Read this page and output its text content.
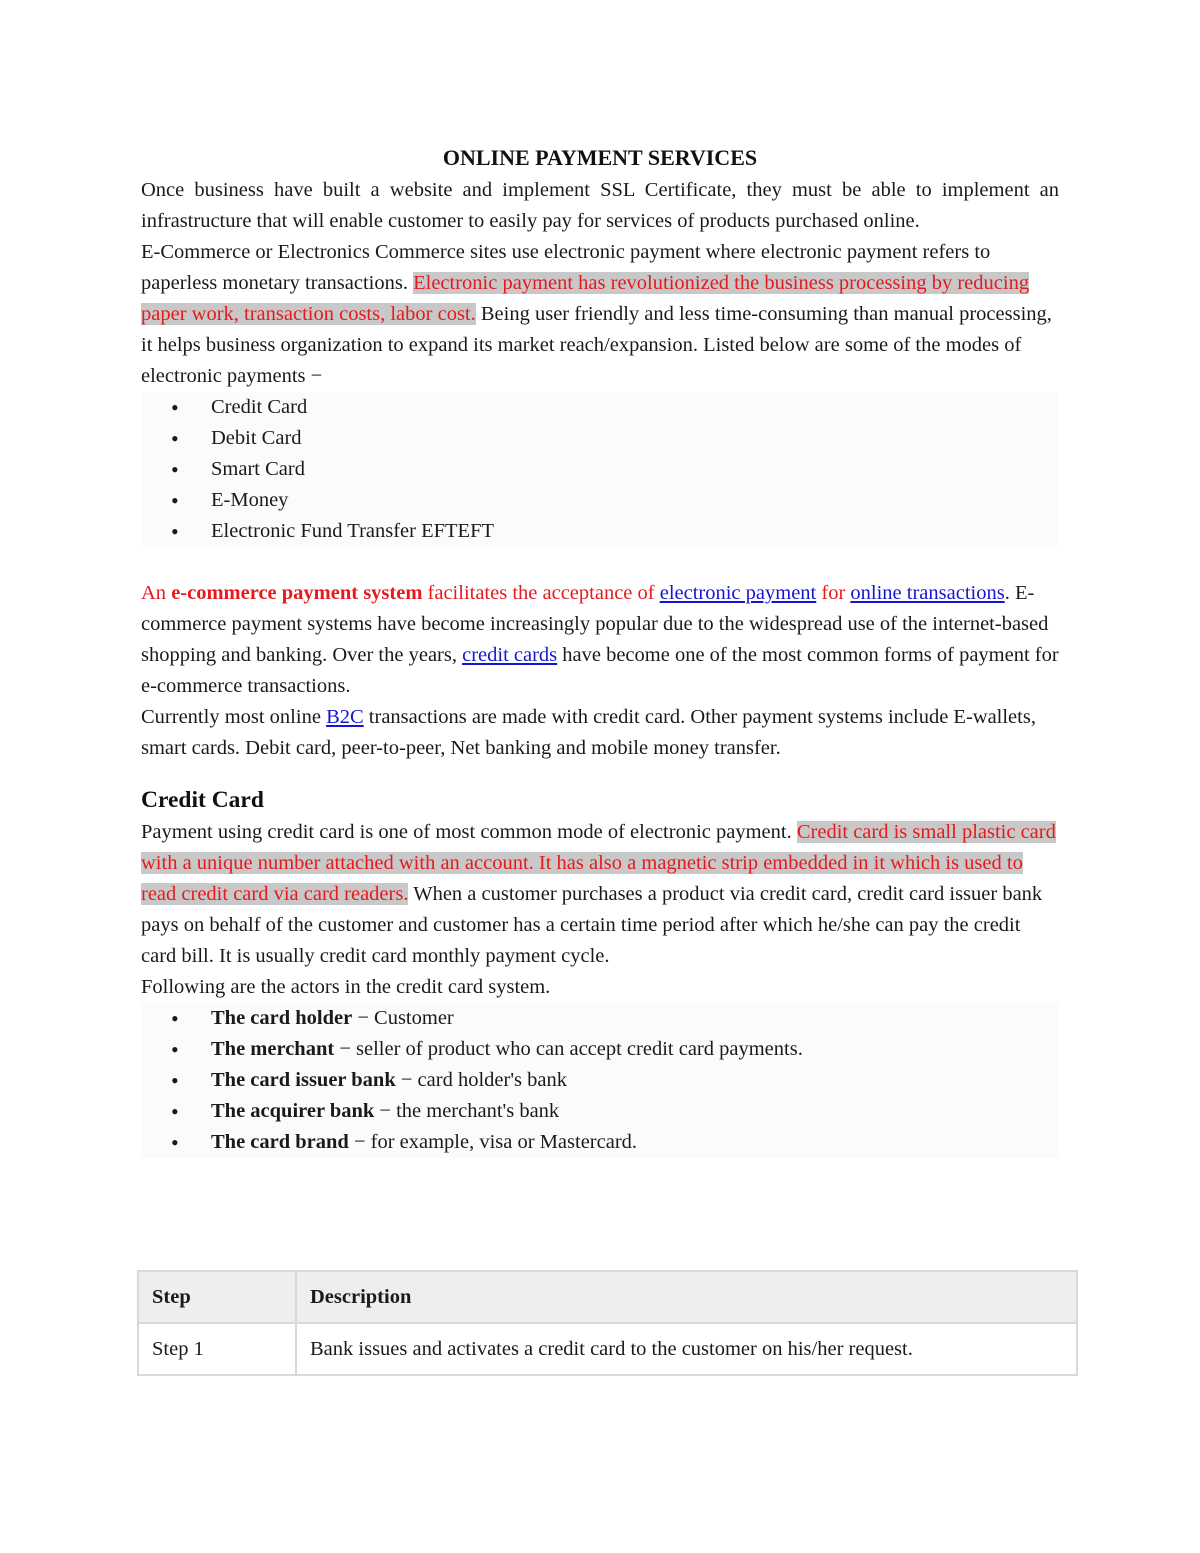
ONLINE PAYMENT SERVICES

Once business have built a website and implement SSL Certificate, they must be able to implement an infrastructure that will enable customer to easily pay for services of products purchased online.

E-Commerce or Electronics Commerce sites use electronic payment where electronic payment refers to paperless monetary transactions. Electronic payment has revolutionized the business processing by reducing paper work, transaction costs, labor cost. Being user friendly and less time-consuming than manual processing, it helps business organization to expand its market reach/expansion. Listed below are some of the modes of electronic payments −

• Credit Card
• Debit Card
• Smart Card
• E-Money
• Electronic Fund Transfer EFTEFT

An e-commerce payment system facilitates the acceptance of electronic payment for online transactions. E-commerce payment systems have become increasingly popular due to the widespread use of the internet-based shopping and banking. Over the years, credit cards have become one of the most common forms of payment for e-commerce transactions.

Currently most online B2C transactions are made with credit card. Other payment systems include E-wallets, smart cards. Debit card, peer-to-peer, Net banking and mobile money transfer.

Credit Card

Payment using credit card is one of most common mode of electronic payment. Credit card is small plastic card with a unique number attached with an account. It has also a magnetic strip embedded in it which is used to read credit card via card readers. When a customer purchases a product via credit card, credit card issuer bank pays on behalf of the customer and customer has a certain time period after which he/she can pay the credit card bill. It is usually credit card monthly payment cycle.

Following are the actors in the credit card system.

• The card holder − Customer
• The merchant − seller of product who can accept credit card payments.
• The card issuer bank − card holder's bank
• The acquirer bank − the merchant's bank
• The card brand − for example, visa or Mastercard.
Step	Description
Step 1	Bank issues and activates a credit card to the customer on his/her request.
